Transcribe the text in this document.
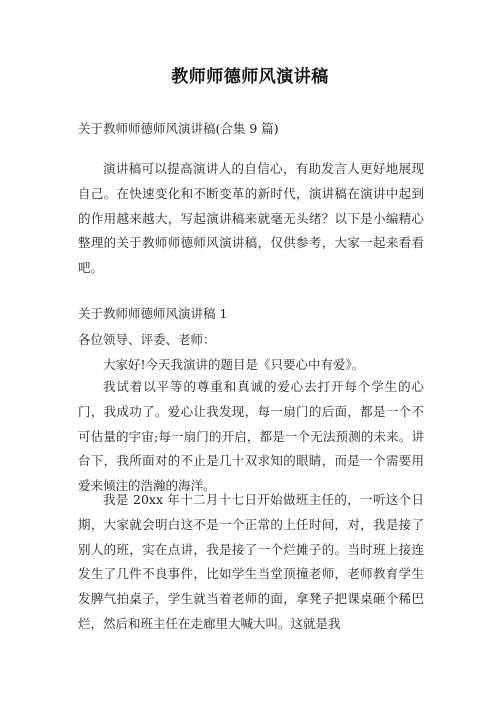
教师师德师风演讲稿
关于教师师德师风演讲稿(合集 9 篇)
演讲稿可以提高演讲人的自信心，有助发言人更好地展现自己。在快速变化和不断变革的新时代，演讲稿在演讲中起到的作用越来越大，写起演讲稿来就毫无头绪？以下是小编精心整理的关于教师师德师风演讲稿，仅供参考，大家一起来看看吧。
关于教师师德师风演讲稿 1
各位领导、评委、老师：
大家好!今天我演讲的题目是《只要心中有爱》。
我试着以平等的尊重和真诚的爱心去打开每个学生的心门，我成功了。爱心让我发现，每一扇门的后面，都是一个不可估量的宇宙;每一扇门的开启，都是一个无法预测的未来。讲台下，我所面对的不止是几十双求知的眼睛，而是一个需要用爱来倾注的浩瀚的海洋。
我是 20xx 年十二月十七日开始做班主任的，一听这个日期，大家就会明白这不是一个正常的上任时间，对，我是接了别人的班，实在点讲，我是接了一个烂摊子的。当时班上接连发生了几件不良事件，比如学生当堂顶撞老师，老师教育学生发脾气拍桌子，学生就当着老师的面，拿凳子把课桌砸个稀巴烂，然后和班主任在走廊里大喊大叫。这就是我
